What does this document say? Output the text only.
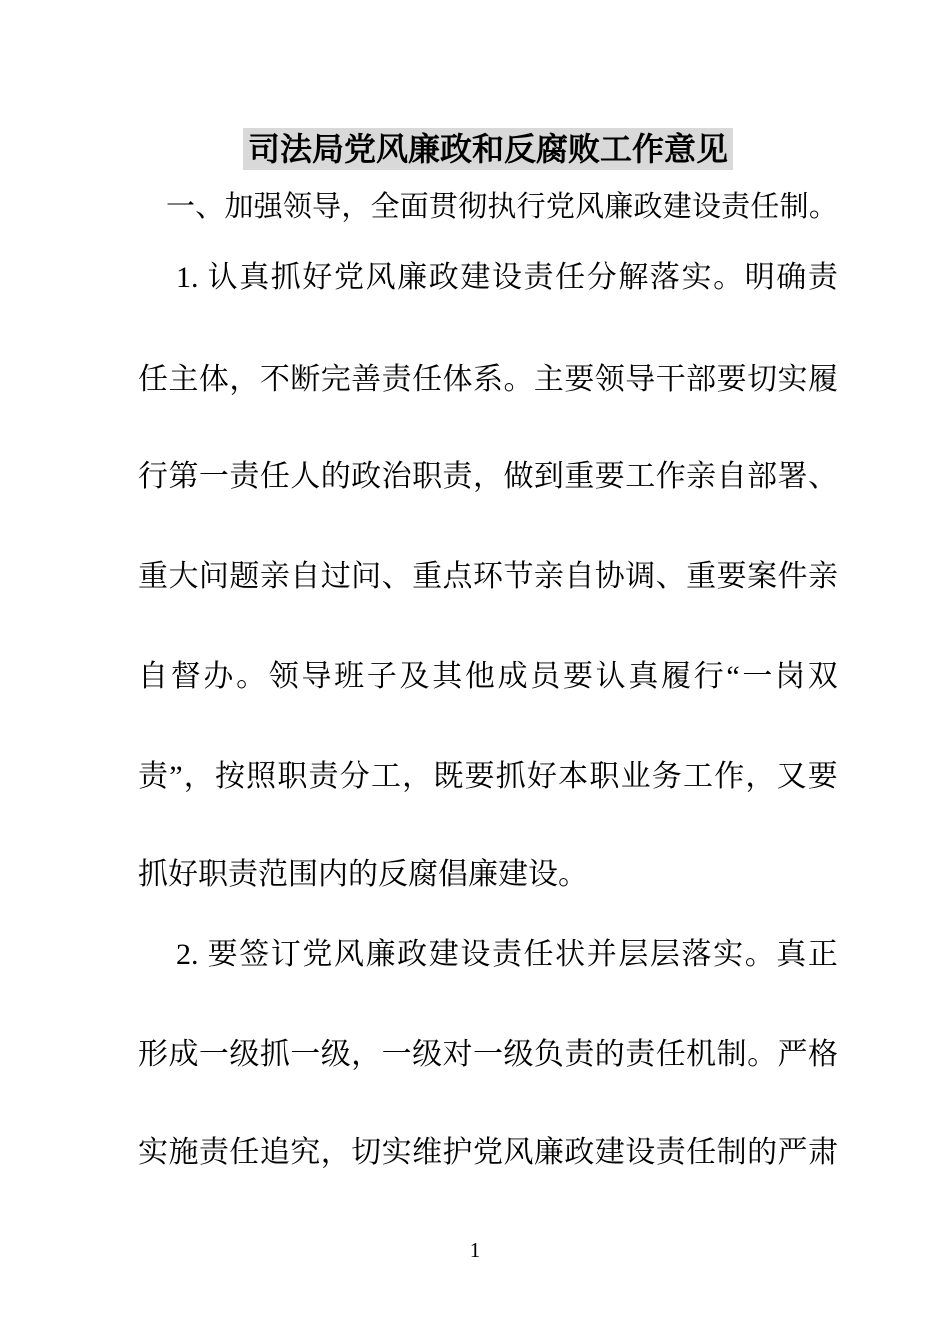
司法局党风廉政和反腐败工作意见
一 、 加 强 领 导 ， 全 面 贯 彻 执 行 党 风 廉 政 建 设 责 任 制 。
1. 认 真 抓 好 党 风 廉 政 建 设 责 任 分 解 落 实 。 明 确 责
任 主 体 ， 不 断 完 善 责 任 体 系 。 主 要 领 导 干 部 要 切 实 履
行 第 一 责 任 人 的 政 治 职 责 ， 做 到 重 要 工 作 亲 自 部 署 、
重 大 问 题 亲 自 过 问 、 重 点 环 节 亲 自 协 调 、 重 要 案 件 亲
自 督 办 。 领 导 班 子 及 其 他 成 员 要 认 真 履 行 “ 一 岗 双
责 ” ， 按 照 职 责 分 工 ， 既 要 抓 好 本 职 业 务 工 作 ， 又 要
抓好职责范围内的反腐倡廉建设。
2. 要 签 订 党 风 廉 政 建 设 责 任 状 并 层 层 落 实 。 真 正
形 成 一 级 抓 一 级 ， 一 级 对 一 级 负 责 的 责 任 机 制 。 严 格
实 施 责 任 追 究 ， 切 实 维 护 党 风 廉 政 建 设 责 任 制 的 严 肃
1
